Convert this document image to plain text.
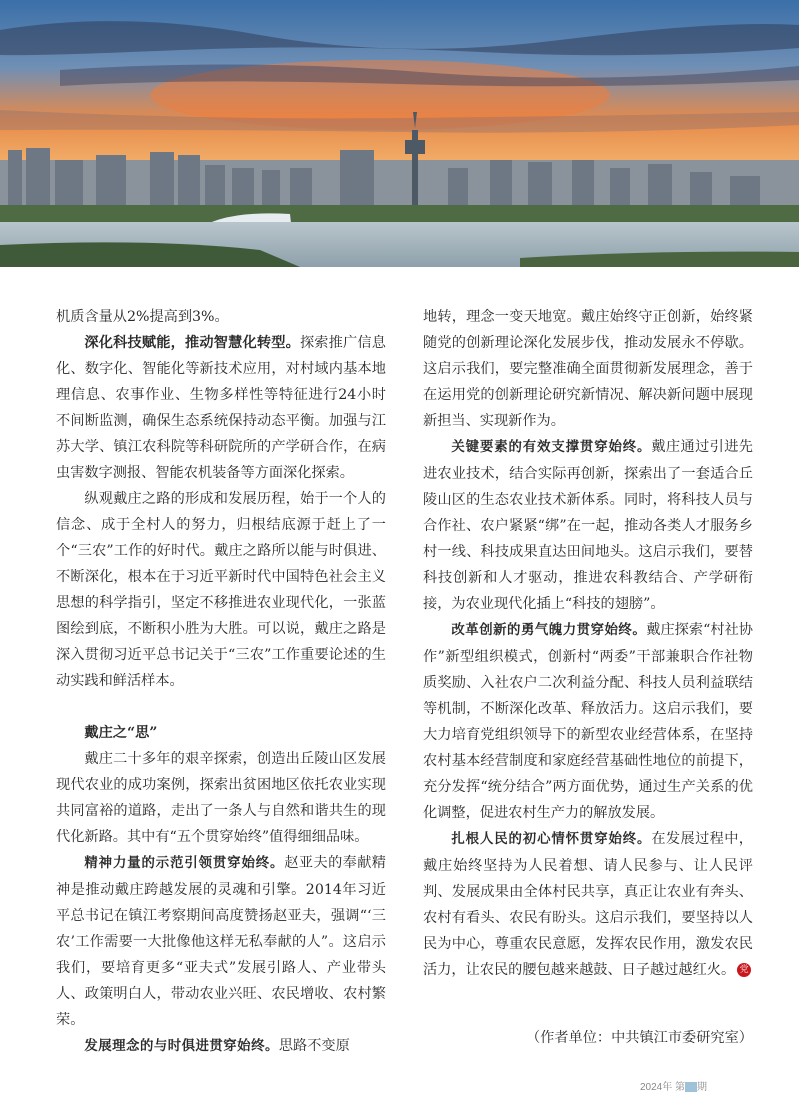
机质含量从2%提高到3%。

深化科技赋能，推动智慧化转型。探索推广信息化、数字化、智能化等新技术应用，对村域内基本地理信息、农事作业、生物多样性等特征进行24小时不间断监测，确保生态系统保持动态平衡。加强与江苏大学、镇江农科院等科研院所的产学研合作，在病虫害数字测报、智能农机装备等方面深化探索。

纵观戴庄之路的形成和发展历程，始于一个人的信念、成于全村人的努力，归根结底源于赶上了一个“三农”工作的好时代。戴庄之路所以能与时俱进、不断深化，根本在于习近平新时代中国特色社会主义思想的科学指引，坚定不移推进农业现代化，一张蓝图绘到底，不断积小胜为大胜。可以说，戴庄之路是深入贯彻习近平总书记关于“三农”工作重要论述的生动实践和鲜活样本。

戴庄之“思”

戴庄二十多年的艰辛探索，创造出丘陵山区发展现代农业的成功案例，探索出贫困地区依托农业实现共同富裕的道路，走出了一条人与自然和谐共生的现代化新路。其中有“五个贯穿始终”值得细细品味。

精神力量的示范引领贯穿始终。赵亚夫的奉献精神是推动戴庄跨越发展的灵魂和引擎。2014年习近平总书记在镇江考察期间高度赞扬赵亚夫，强调“‘三农’工作需要一大批像他这样无私奉献的人”。这启示我们，要培育更多“亚夫式”发展引路人、产业带头人、政策明白人，带动农业兴旺、农民增收、农村繁荣。

发展理念的与时俱进贯穿始终。思路不变原

地转，理念一变天地宽。戴庄始终守正创新，始终紧随党的创新理论深化发展步伐，推动发展永不停歇。这启示我们，要完整准确全面贯彻新发展理念，善于在运用党的创新理论研究新情况、解决新问题中展现新担当、实现新作为。

关键要素的有效支撑贯穿始终。戴庄通过引进先进农业技术，结合实际再创新，探索出了一套适合丘陵山区的生态农业技术新体系。同时，将科技人员与合作社、农户紧紧“绑”在一起，推动各类人才服务乡村一线、科技成果直达田间地头。这启示我们，要替科技创新和人才驱动，推进农科教结合、产学研衔接，为农业现代化插上“科技的翅膀”。

改革创新的勇气魄力贯穿始终。戴庄探索“村社协作”新型组织模式，创新村“两委”干部兼职合作社物质奖励、入社农户二次利益分配、科技人员利益联结等机制，不断深化改革、释放活力。这启示我们，要大力培育党组织领导下的新型农业经营体系，在坚持农村基本经营制度和家庭经营基础性地位的前提下，充分发挥“统分结合”两方面优势，通过生产关系的优化调整，促进农村生产力的解放发展。

扎根人民的初心情怀贯穿始终。在发展过程中，戴庄始终坚持为人民着想、请人民参与、让人民评判、发展成果由全体村民共享，真正让农业有奔头、农村有看头、农民有盼头。这启示我们，要坚持以人民为中心，尊重农民意愿，发挥农民作用，激发农民活力，让农民的腰包越来越鼓、日子越过越红火。 党

（作者单位：中共镇江市委研究室）
2024年 第 期
